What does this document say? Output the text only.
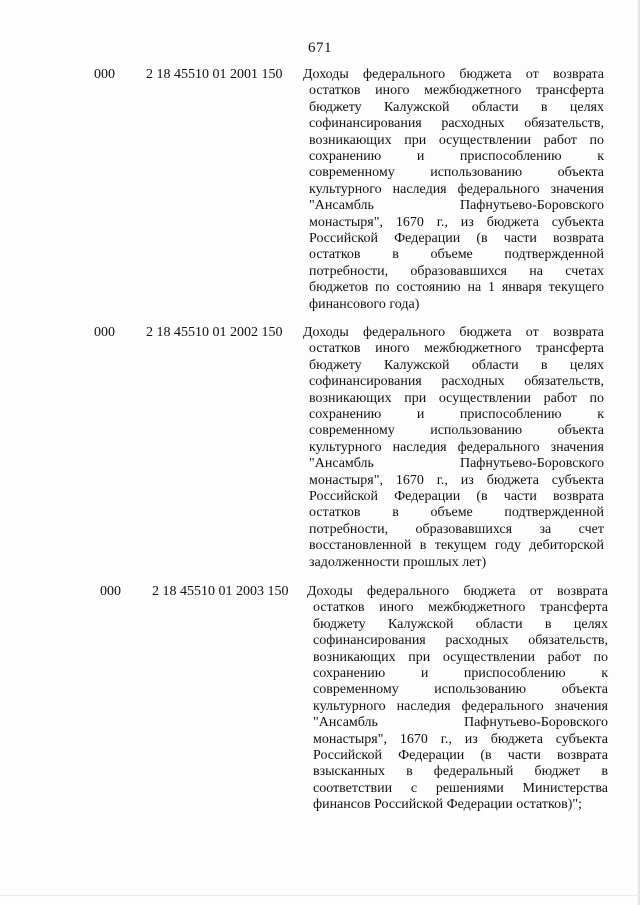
671
000 2 18 45510 01 2001 150 Доходы федерального бюджета от возврата
остатков иного межбюджетного трансферта
бюджету Калужской области в целях
софинансирования расходных обязательств,
возникающих при осуществлении работ по
сохранению и приспособлению к
современному использованию объекта
культурного наследия федерального значения
"Ансамбль Пафнутьево-Боровского
монастыря", 1670 г., из бюджета субъекта
Российской Федерации (в части возврата
остатков в объеме подтвержденной
потребности, образовавшихся на счетах
бюджетов по состоянию на 1 января текущего
финансового года)
000 2 18 45510 01 2002 150 Доходы федерального бюджета от возврата
остатков иного межбюджетного трансферта
бюджету Калужской области в целях
софинансирования расходных обязательств,
возникающих при осуществлении работ по
сохранению и приспособлению к
современному использованию объекта
культурного наследия федерального значения
"Ансамбль Пафнутьево-Боровского
монастыря", 1670 г., из бюджета субъекта
Российской Федерации (в части возврата
остатков в объеме подтвержденной
потребности, образовавшихся за счет
восстановленной в текущем году дебиторской
задолженности прошлых лет)
000 2 18 45510 01 2003 150 Доходы федерального бюджета от возврата
остатков иного межбюджетного трансферта
бюджету Калужской области в целях
софинансирования расходных обязательств,
возникающих при осуществлении работ по
сохранению и приспособлению к
современному использованию объекта
культурного наследия федерального значения
"Ансамбль Пафнутьево-Боровского
монастыря", 1670 г., из бюджета субъекта
Российской Федерации (в части возврата
взысканных в федеральный бюджет в
соответствии с решениями Министерства
финансов Российской Федерации остатков)";
